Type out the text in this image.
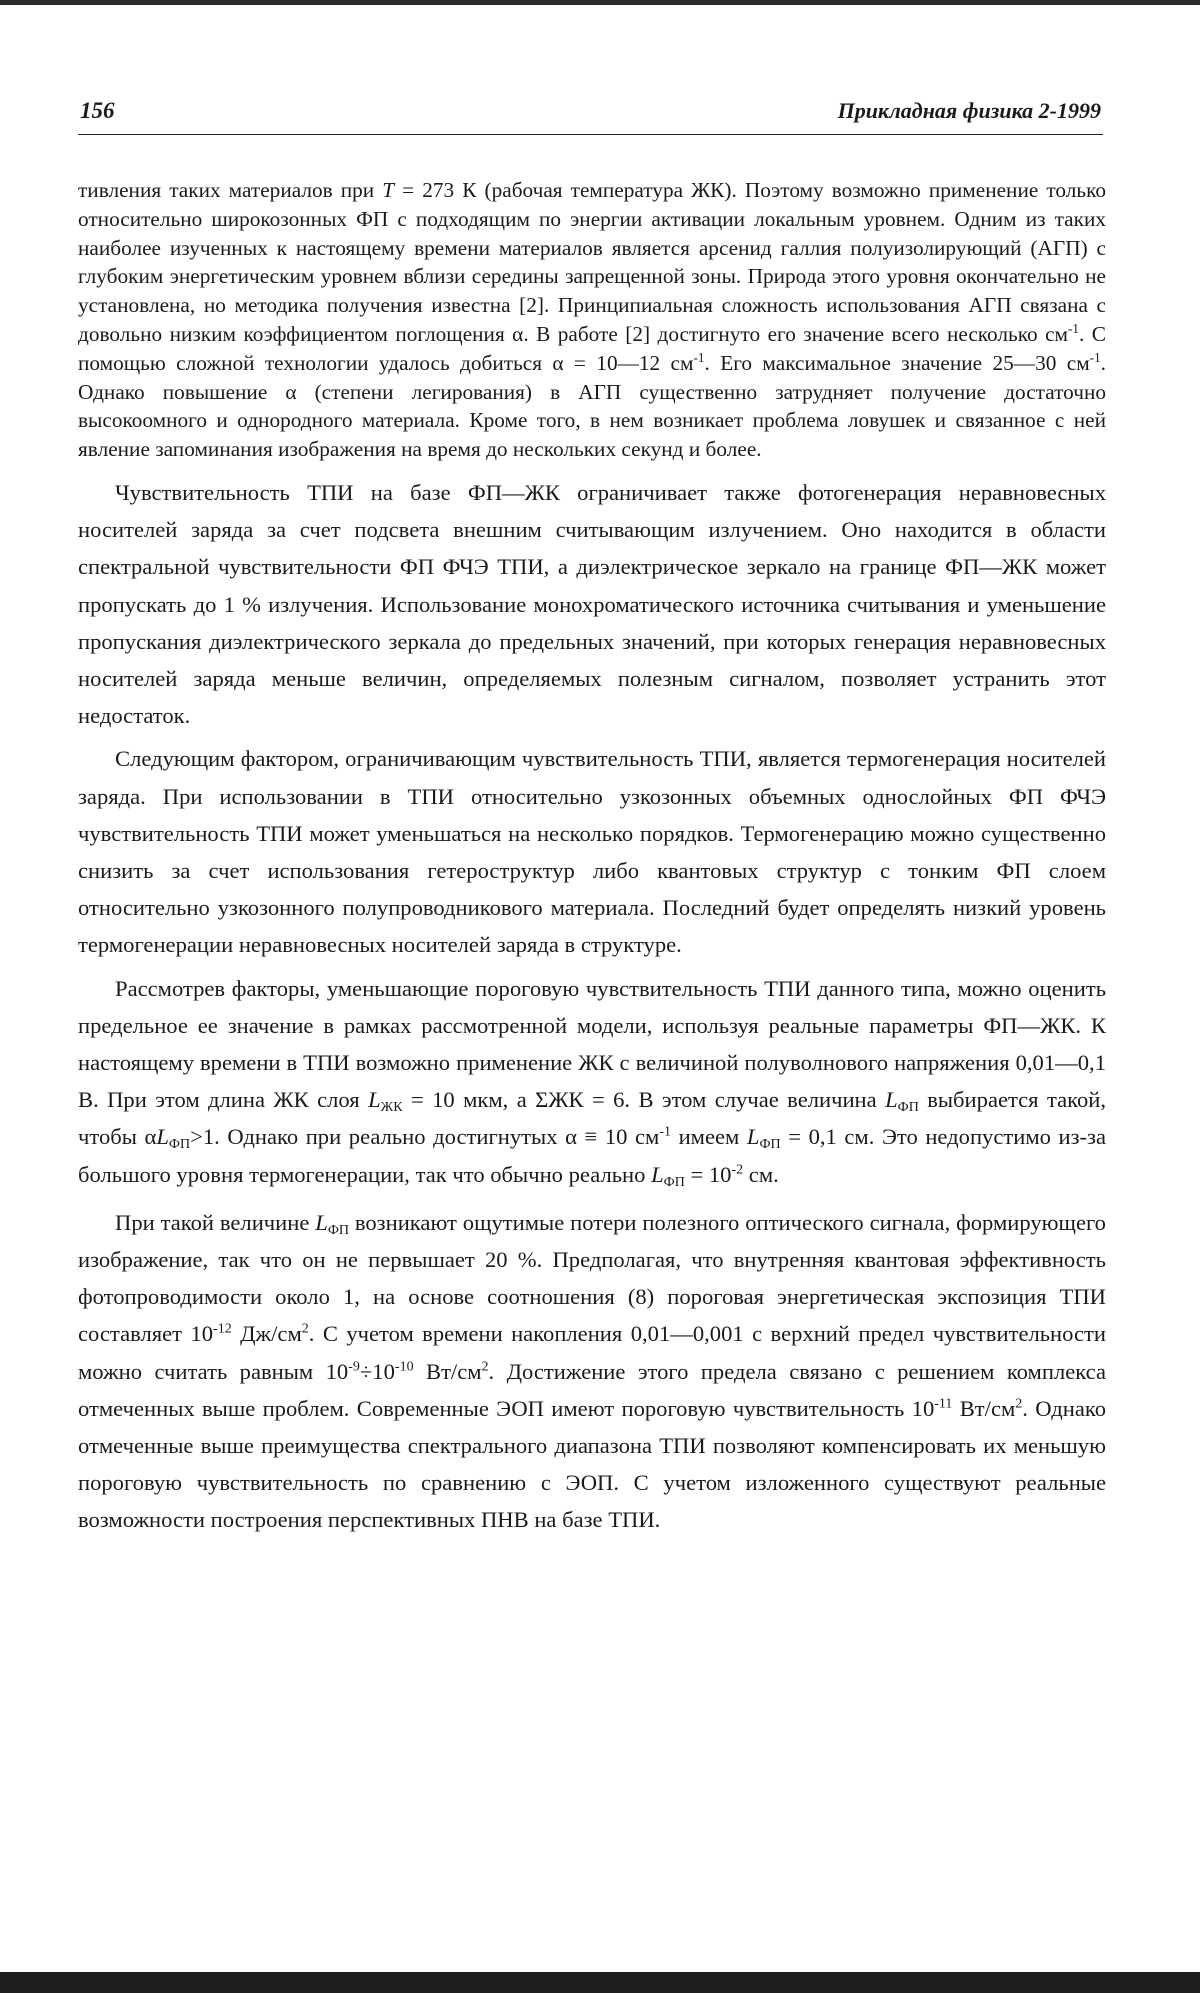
156	Прикладная физика 2-1999

тивления таких материалов при T = 273 К (рабочая температура ЖК). Поэтому возможно применение только относительно широкозонных ФП с подходящим по энергии активации локальным уровнем. Одним из таких наиболее изученных к настоящему времени материалов является арсенид галлия полуизолирующий (АГП) с глубоким энергетическим уровнем вблизи середины запрещенной зоны. Природа этого уровня окончательно не установлена, но методика получения известна [2]. Принципиальная сложность использования АГП связана с довольно низким коэффициентом поглощения α. В работе [2] достигнуто его значение всего несколько $см^{-1}$. С помощью сложной технологии удалось добиться α = 10—12 $см^{-1}$. Его максимальное значение 25—30 $см^{-1}$. Однако повышение α (степени легирования) в АГП существенно затрудняет получение достаточно высокоомного и однородного материала. Кроме того, в нем возникает проблема ловушек и связанное с ней явление запоминания изображения на время до нескольких секунд и более.

Чувствительность ТПИ на базе ФП—ЖК ограничивает также фотогенерация неравновесных носителей заряда за счет подсвета внешним считывающим излучением. Оно находится в области спектральной чувствительности ФП ФЧЭ ТПИ, а диэлектрическое зеркало на границе ФП—ЖК может пропускать до 1 % излучения. Использование монохроматического источника считывания и уменьшение пропускания диэлектрического зеркала до предельных значений, при которых генерация неравновесных носителей заряда меньше величин, определяемых полезным сигналом, позволяет устранить этот недостаток.

Следующим фактором, ограничивающим чувствительность ТПИ, является термогенерация носителей заряда. При использовании в ТПИ относительно узкозонных объемных однослойных ФП ФЧЭ чувствительность ТПИ может уменьшаться на несколько порядков. Термогенерацию можно существенно снизить за счет использования гетероструктур либо квантовых структур с тонким ФП слоем относительно узкозонного полупроводникового материала. Последний будет определять низкий уровень термогенерации неравновесных носителей заряда в структуре.

Рассмотрев факторы, уменьшающие пороговую чувствительность ТПИ данного типа, можно оценить предельное ее значение в рамках рассмотренной модели, используя реальные параметры ФП—ЖК. К настоящему времени в ТПИ возможно применение ЖК с величиной полуволнового напряжения 0,01—0,1 В. При этом длина ЖК слоя $L_{ЖК} = 10$ мкм, а ΣЖК = 6. В этом случае величина $L_{ФП}$ выбирается такой, чтобы $\alpha L_{ФП}>1$. Однако при реально достигнутых α ≡ 10 $см^{-1}$ имеем $L_{ФП} = 0,1$ см. Это недопустимо из-за большого уровня термогенерации, так что обычно реально $L_{ФП} = 10^{-2}$ см.

При такой величине $L_{ФП}$ возникают ощутимые потери полезного оптического сигнала, формирующего изображение, так что он не первышает 20 %. Предполагая, что внутренняя квантовая эффективность фотопроводимости около 1, на основе соотношения (8) пороговая энергетическая экспозиция ТПИ составляет $10^{-12}$ $Дж/см^2$. С учетом времени накопления 0,01—0,001 с верхний предел чувствительности можно считать равным $10^{-9}\div 10^{-10}$ $Вт/см^2$. Достижение этого предела связано с решением комплекса отмеченных выше проблем. Современные ЭОП имеют пороговую чувствительность $10^{-11}$ $Вт/см^2$. Однако отмеченные выше преимущества спектрального диапазона ТПИ позволяют компенсировать их меньшую пороговую чувствительность по сравнению с ЭОП. С учетом изложенного существуют реальные возможности построения перспективных ПНВ на базе ТПИ.
